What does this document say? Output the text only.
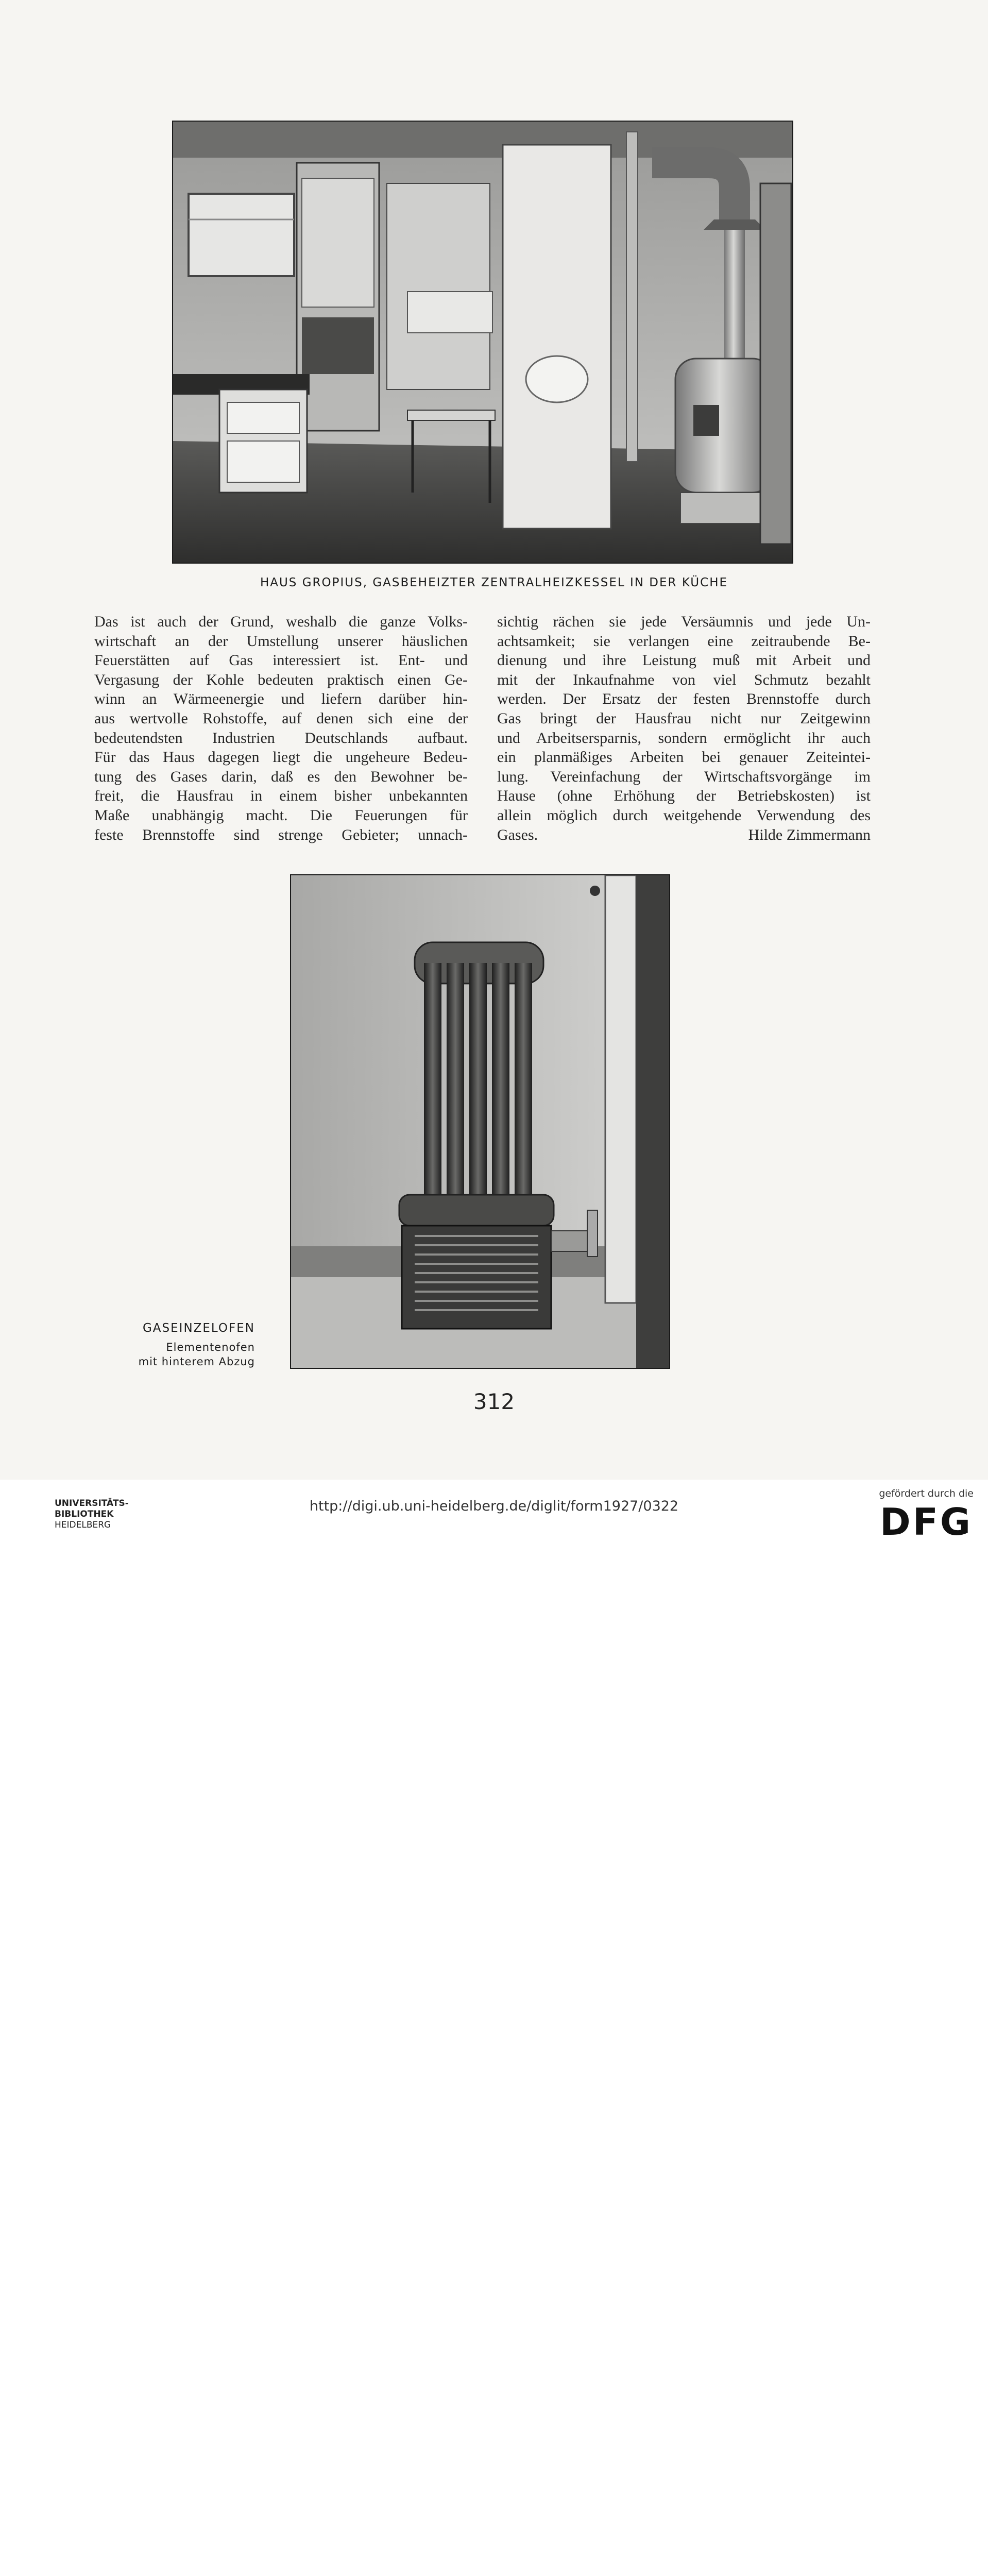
HAUS GROPIUS, GASBEHEIZTER ZENTRALHEIZKESSEL IN DER KÜCHE
Das ist auch der Grund, weshalb die ganze Volks-
wirtschaft an der Umstellung unserer häuslichen
Feuerstätten auf Gas interessiert ist. Ent- und
Vergasung der Kohle bedeuten praktisch einen Ge-
winn an Wärmeenergie und liefern darüber hin-
aus wertvolle Rohstoffe, auf denen sich eine der
bedeutendsten Industrien Deutschlands aufbaut.
Für das Haus dagegen liegt die ungeheure Bedeu-
tung des Gases darin, daß es den Bewohner be-
freit, die Hausfrau in einem bisher unbekannten
Maße unabhängig macht. Die Feuerungen für
feste Brennstoffe sind strenge Gebieter; unnach-
sichtig rächen sie jede Versäumnis und jede Un-
achtsamkeit; sie verlangen eine zeitraubende Be-
dienung und ihre Leistung muß mit Arbeit und
mit der Inkaufnahme von viel Schmutz bezahlt
werden. Der Ersatz der festen Brennstoffe durch
Gas bringt der Hausfrau nicht nur Zeitgewinn
und Arbeitsersparnis, sondern ermöglicht ihr auch
ein planmäßiges Arbeiten bei genauer Zeiteintei-
lung. Vereinfachung der Wirtschaftsvorgänge im
Hause (ohne Erhöhung der Betriebskosten) ist
allein möglich durch weitgehende Verwendung des
Gases.	Hilde Zimmermann
GASEINZELOFEN
Elementenofen
mit hinterem Abzug
312
UNIVERSITÄTS-
BIBLIOTHEK
HEIDELBERG
http://digi.ub.uni-heidelberg.de/diglit/form1927/0322
gefördert durch die
DFG
